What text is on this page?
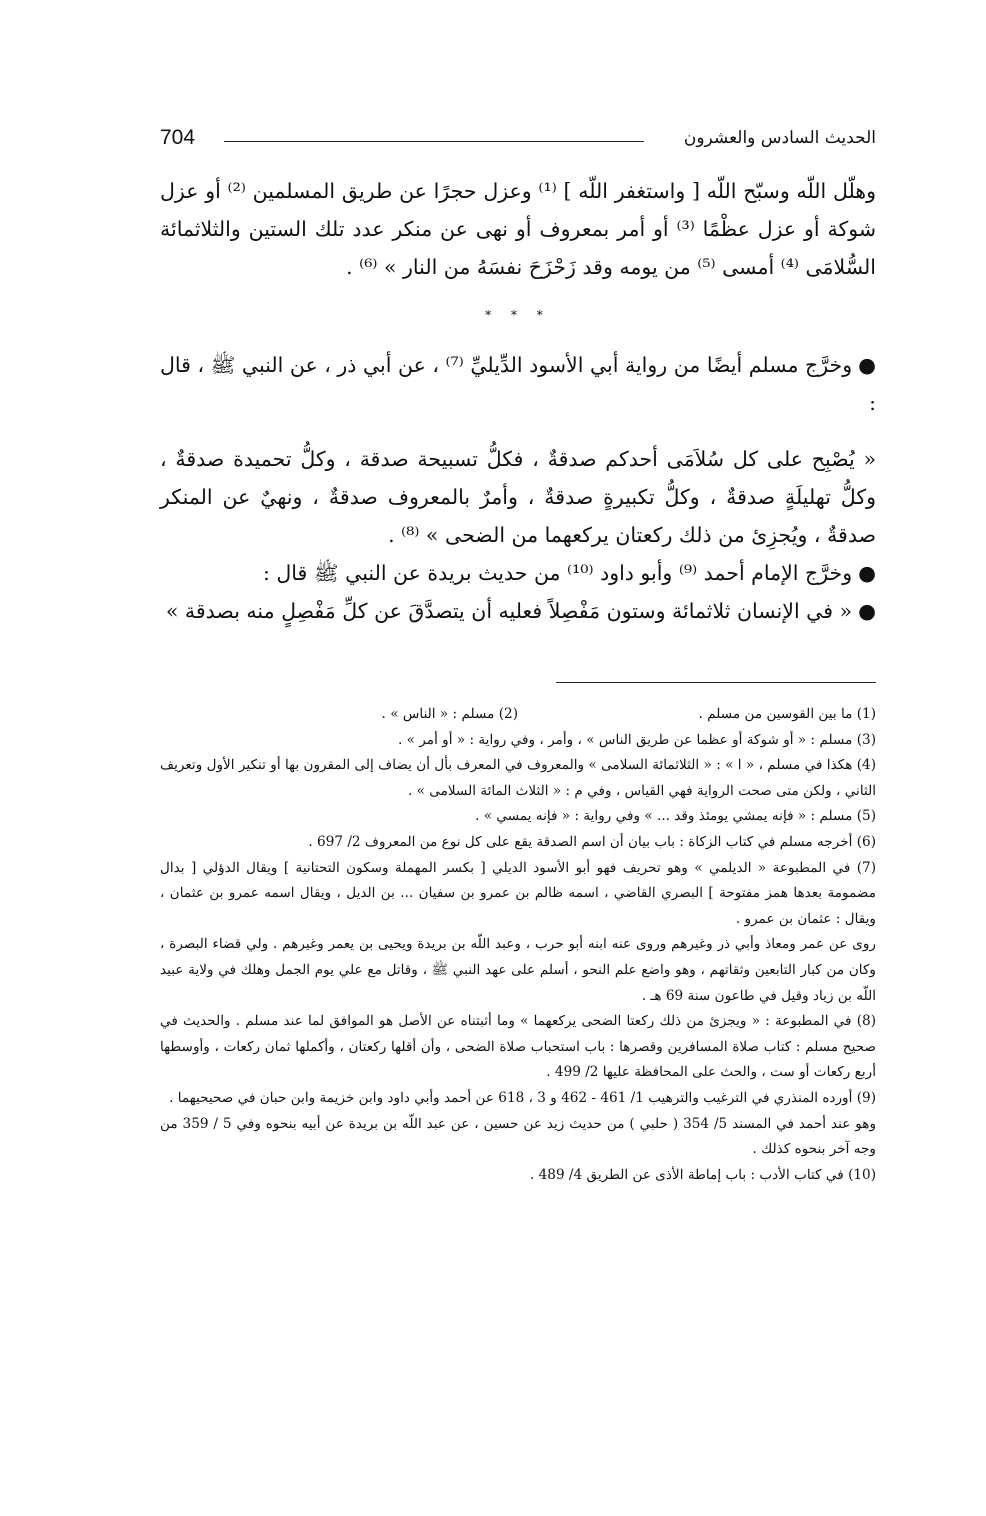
704	الحديث السادس والعشرون

وهلّل اللّه وسبّح اللّه [ واستغفر اللّه ] ⁽¹⁾ وعزل حجرًا عن طريق المسلمين ⁽²⁾ أو عزل شوكة أو عزل عظْمًا ⁽³⁾ أو أمر بمعروف أو نهى عن منكر عدد تلك الستين والثلاثمائة السُّلامَى ⁽⁴⁾ أمسى ⁽⁵⁾ من يومه وقد زَحْزَحَ نفسَهُ من النار » ⁽⁶⁾ .

* * *

●وخرَّج مسلم أيضًا من رواية أبي الأسود الدِّيليِّ ⁽⁷⁾ ، عن أبي ذر ، عن النبي ﷺ ، قال :

« يُصْبِح على كل سُلاَمَى أحدكم صدقةٌ ، فكلُّ تسبيحة صدقة ، وكلُّ تحميدة صدقةٌ ، وكلُّ تهليلَةٍ صدقةٌ ، وكلُّ تكبيرةٍ صدقةٌ ، وأمرٌ بالمعروف صدقةٌ ، ونهيٌ عن المنكر صدقةٌ ، ويُجزِئ من ذلك ركعتان يركعهما من الضحى » ⁽⁸⁾ .

●وخرَّج الإمام أحمد ⁽⁹⁾ وأبو داود ⁽¹⁰⁾ من حديث بريدة عن النبي ﷺ قال :

●« في الإنسان ثلاثمائة وستون مَفْصِلاً فعليه أن يتصدَّقَ عن كلِّ مَفْصِلٍ منه بصدقة »

(1) ما بين القوسين من مسلم .

(2) مسلم : « الناس » .

(3) مسلم : « أو شوكة أو عظما عن طريق الناس » ، وأمر ، وفي رواية : « أو أمر » .

(4) هكذا في مسلم ، « ا » : « الثلاثمائة السلامى » والمعروف في المعرف بأل أن يضاف إلى المقرون بها أو تنكير الأول وتعريف الثاني ، ولكن متى صحت الرواية فهي القياس ، وفي م : « الثلاث المائة السلامى » .

(5) مسلم : « فإنه يمشي يومئذ وقد ... » وفي رواية : « فإنه يمسي » .

(6) أخرجه مسلم في كتاب الزكاة : باب بيان أن اسم الصدقة يقع على كل نوع من المعروف 2/ 697 .

(7) في المطبوعة « الديلمي » وهو تحريف فهو أبو الأسود الديلي [ بكسر المهملة وسكون التحتانية ] ويقال الدؤلي [ بدال مضمومة بعدها همز مفتوحة ] البصري القاضي ، اسمه ظالم بن عمرو بن سفيان ... بن الديل ، ويقال اسمه عمرو بن عثمان ، ويقال : عثمان بن عمرو .

روى عن عمر ومعاذ وأبي ذر وغيرهم وروى عنه ابنه أبو حرب ، وعبد اللّه بن بريدة ويحيى بن يعمر وغيرهم . ولي قضاء البصرة ، وكان من كبار التابعين وثقاتهم ، وهو واضع علم النحو ، أسلم على عهد النبي ﷺ ، وقاتل مع علي يوم الجمل وهلك في ولاية عبيد اللّه بن زياد وقيل في طاعون سنة 69 هـ .

(8) في المطبوعة : « ويجزئ من ذلك ركعتا الضحى يركعهما » وما أثبتناه عن الأصل هو الموافق لما عند مسلم . والحديث في صحيح مسلم : كتاب صلاة المسافرين وقصرها : باب استحباب صلاة الضحى ، وأن أقلها ركعتان ، وأكملها ثمان ركعات ، وأوسطها أربع ركعات أو ست ، والحث على المحافظة عليها 2/ 499 .

(9) أورده المنذري في الترغيب والترهيب 1/ 461 - 462 و 3 ، 618 عن أحمد وأبي داود وابن خزيمة وابن حبان في صحيحيهما .

وهو عند أحمد في المسند 5/ 354 ( حلبي ) من حديث زيد عن حسين ، عن عبد اللّه بن بريدة عن أبيه بنحوه وفي 5 / 359 من وجه آخر بنحوه كذلك .

(10) في كتاب الأدب : باب إماطة الأذى عن الطريق 4/ 489 .
